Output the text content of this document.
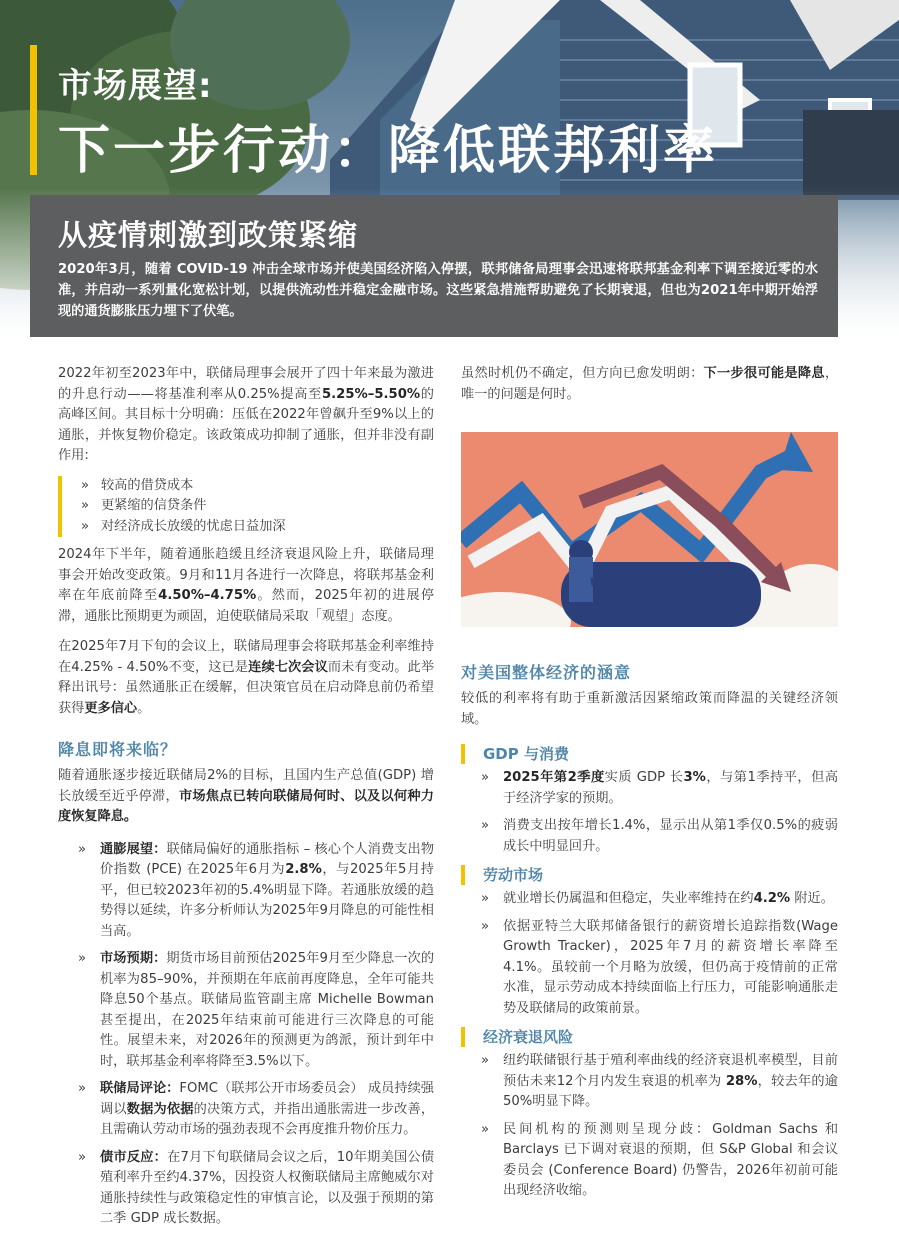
市场展望:
下一步行动：降低联邦利率
从疫情刺激到政策紧缩
2020年3月，随着 COVID-19 冲击全球市场并使美国经济陷入停摆，联邦储备局理事会迅速将联邦基金利率下调至接近零的水准，并启动一系列量化宽松计划，以提供流动性并稳定金融市场。这些紧急措施帮助避免了长期衰退，但也为2021年中期开始浮现的通货膨胀压力埋下了伏笔。

2022年初至2023年中，联储局理事会展开了四十年来最为激进的升息行动——将基准利率从0.25%提高至5.25%–5.50%的高峰区间。其目标十分明确：压低在2022年曾飙升至9%以上的通胀，并恢复物价稳定。该政策成功抑制了通胀，但并非没有副作用:

» 较高的借贷成本
» 更紧缩的信贷条件
» 对经济成长放缓的忧虑日益加深

2024年下半年，随着通胀趋缓且经济衰退风险上升，联储局理事会开始改变政策。9月和11月各进行一次降息，将联邦基金利率在年底前降至4.50%–4.75%。然而，2025年初的进展停滞，通胀比预期更为顽固，迫使联储局采取「观望」态度。

在2025年7月下旬的会议上，联储局理事会将联邦基金利率维持在4.25% - 4.50%不变，这已是连续七次会议而未有变动。此举释出讯号：虽然通胀正在缓解，但决策官员在启动降息前仍希望获得更多信心。

降息即将来临？

随着通胀逐步接近联储局2%的目标，且国内生产总值(GDP) 增长放缓至近乎停滞，市场焦点已转向联储局何时、以及以何种力度恢复降息。

» 通膨展望：联储局偏好的通胀指标 – 核心个人消费支出物价指数 (PCE) 在2025年6月为2.8%，与2025年5月持平，但已较2023年初的5.4%明显下降。若通胀放缓的趋势得以延续，许多分析师认为2025年9月降息的可能性相当高。
» 市场预期：期货市场目前预估2025年9月至少降息一次的机率为85–90%，并预期在年底前再度降息，全年可能共降息50个基点。联储局监管副主席 Michelle Bowman 甚至提出，在2025年结束前可能进行三次降息的可能性。展望未来，对2026年的预测更为鸽派，预计到年中时，联邦基金利率将降至3.5%以下。
» 联储局评论：FOMC（联邦公开市场委员会） 成员持续强调以数据为依据的决策方式，并指出通胀需进一步改善，且需确认劳动市场的强劲表现不会再度推升物价压力。
» 债市反应：在7月下旬联储局会议之后，10年期美国公债殖利率升至约4.37%，因投资人权衡联储局主席鲍威尔对通胀持续性与政策稳定性的审慎言论，以及强于预期的第二季 GDP 成长数据。

虽然时机仍不确定，但方向已愈发明朗：下一步很可能是降息，唯一的问题是何时。

对美国整体经济的涵意

较低的利率将有助于重新激活因紧缩政策而降温的关键经济领域。

GDP 与消费
» 2025年第2季度实质 GDP 长3%，与第1季持平，但高于经济学家的预期。
» 消费支出按年增长1.4%，显示出从第1季仅0.5%的疲弱成长中明显回升。
劳动市场
» 就业增长仍属温和但稳定，失业率维持在约4.2% 附近。
» 依据亚特兰大联邦储备银行的薪资增长追踪指数(Wage Growth Tracker)，2025年7月的薪资增长率降至4.1%。虽较前一个月略为放缓，但仍高于疫情前的正常水准，显示劳动成本持续面临上行压力，可能影响通胀走势及联储局的政策前景。
经济衰退风险
» 纽约联储银行基于殖利率曲线的经济衰退机率模型，目前预估未来12个月内发生衰退的机率为 28%，较去年的逾50%明显下降。
» 民间机构的预测则呈现分歧：Goldman Sachs 和 Barclays 已下调对衰退的预期，但 S&P Global 和会议委员会 (Conference Board) 仍警告，2026年初前可能出现经济收缩。
